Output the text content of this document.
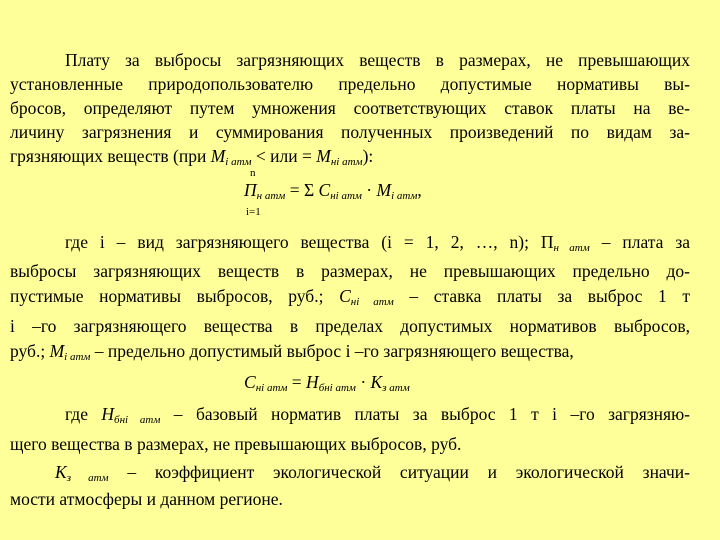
Плату за выбросы загрязняющих веществ в размерах, не превышающих
установленные природопользователю предельно допустимые нормативы вы-
бросов, определяют путем умножения соответствующих ставок платы на ве-
личину загрязнения и суммирования полученных произведений по видам за-
грязняющих веществ (при $M_{i атм}$ < или = $M_{нi атм}$):
$П_{н атм} = \Sigma$
n
i=1
$C_{нi атм} \cdot M_{i атм}$,
где i – вид загрязняющего вещества (i = 1, 2, …, n); $П_{н атм}$ – плата за
выбросы загрязняющих веществ в размерах, не превышающих предельно до-
пустимые нормативы выбросов, руб.; $C_{нi атм}$ – ставка платы за выброс 1 т
i –го загрязняющего вещества в пределах допустимых нормативов выбросов,
руб.; $M_{i атм}$ – предельно допустимый выброс i –го загрязняющего вещества,
$C_{нi атм} = H_{бнi атм} \cdot K_{з атм}$
где $H_{бнi атм}$ – базовый норматив платы за выброс 1 т i –го загрязняю-
щего вещества в размерах, не превышающих выбросов, руб.
$K_{з атм}$ – коэффициент экологической ситуации и экологической значи-
мости атмосферы и данном регионе.
